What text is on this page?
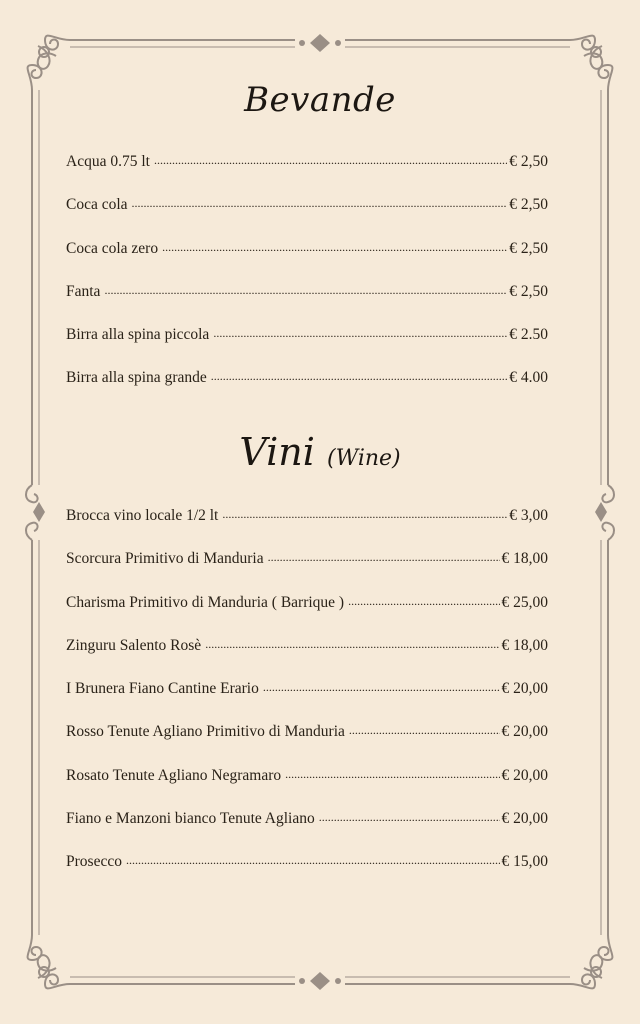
Bevande
Acqua 0.75 lt .....	€ 2,50
Coca cola .....	€ 2,50
Coca cola zero .....	€ 2,50
Fanta .....	€ 2,50
Birra alla spina piccola .....	€ 2.50
Birra alla spina grande .....	€ 4.00
Vini (Wine)
Brocca vino locale 1/2 lt .....	€ 3,00
Scorcura Primitivo di Manduria .....	€ 18,00
Charisma Primitivo di Manduria ( Barrique ) .....	€ 25,00
Zinguru Salento Rosè .....	€ 18,00
I Brunera Fiano Cantine Erario .....	€ 20,00
Rosso Tenute Agliano Primitivo di Manduria .....	€ 20,00
Rosato Tenute Agliano Negramaro .....	€ 20,00
Fiano e Manzoni bianco Tenute Agliano .....	€ 20,00
Prosecco .....	€ 15,00
